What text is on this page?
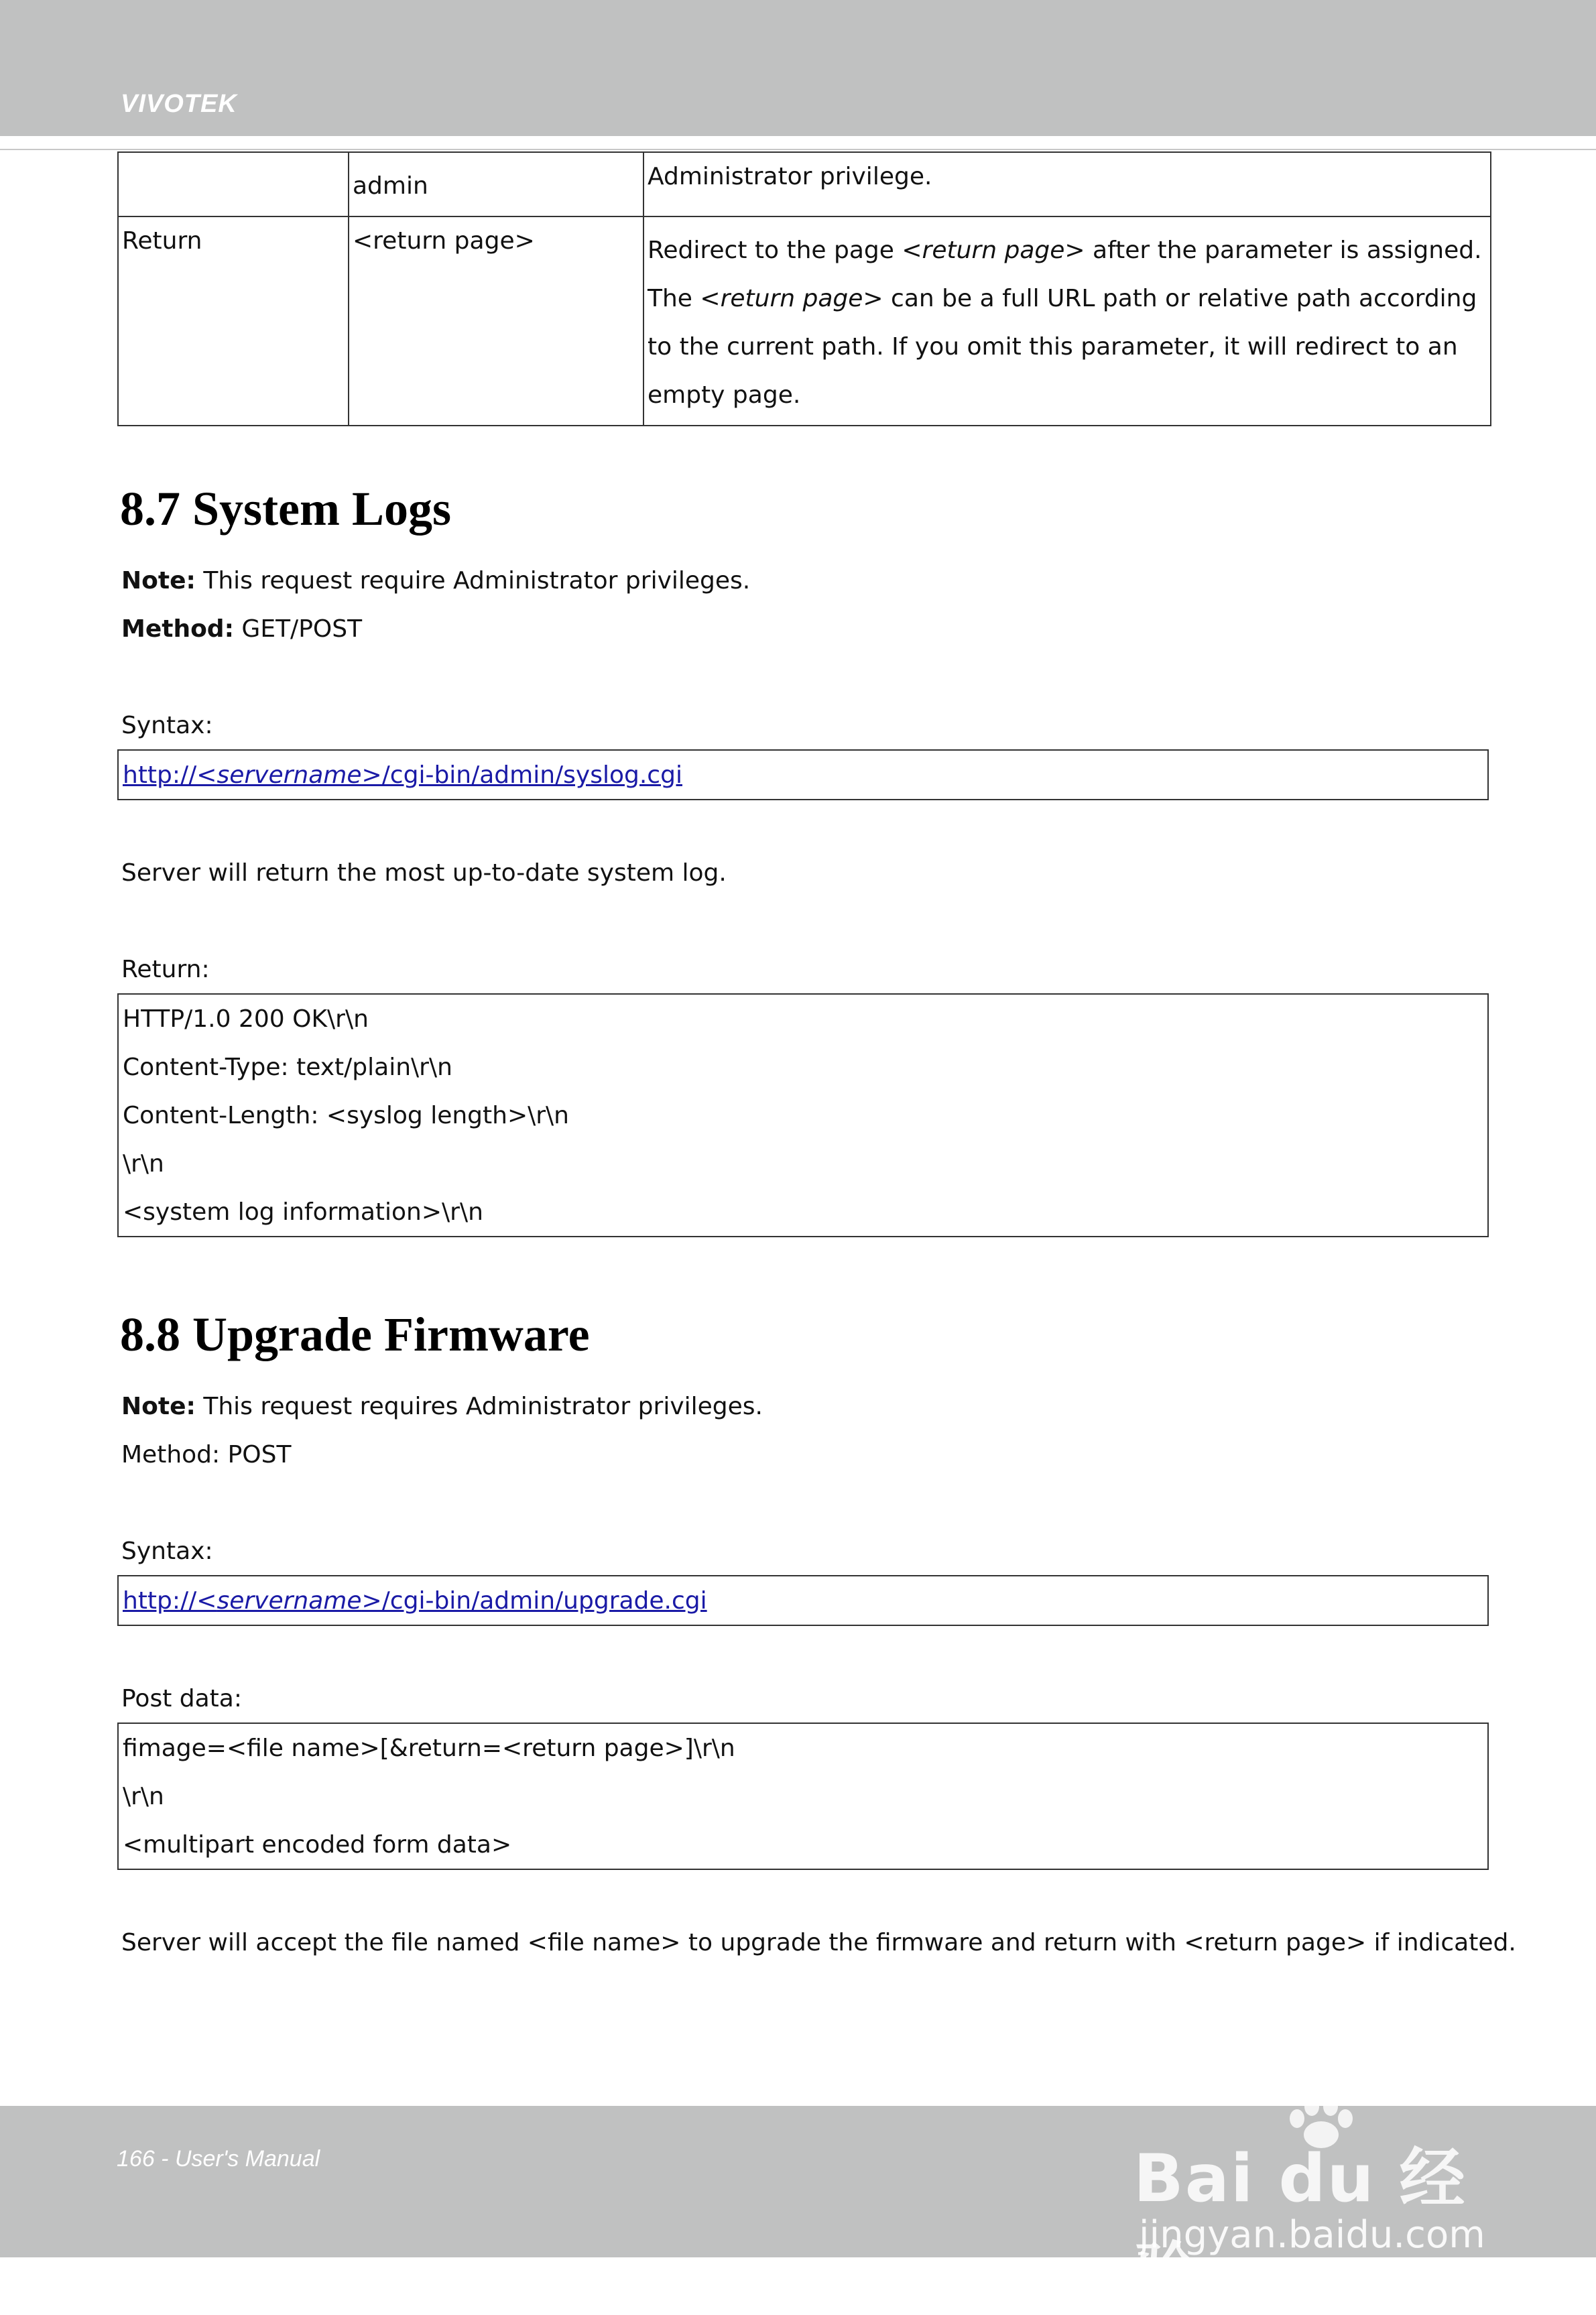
VIVOTEK
	admin	Administrator privilege.
Return	<return page>	Redirect to the page <return page> after the parameter is assigned. The <return page> can be a full URL path or relative path according to the current path. If you omit this parameter, it will redirect to an empty page.
8.7 System Logs
Note: This request require Administrator privileges.
Method: GET/POST
Syntax:
http://<servername>/cgi-bin/admin/syslog.cgi
Server will return the most up-to-date system log.
Return:
HTTP/1.0 200 OK\r\n
Content-Type: text/plain\r\n
Content-Length: <syslog length>\r\n
\r\n
<system log information>\r\n
8.8 Upgrade Firmware
Note: This request requires Administrator privileges.
Method: POST
Syntax:
http://<servername>/cgi-bin/admin/upgrade.cgi
Post data:
fimage=<file name>[&return=<return page>]\r\n
\r\n
<multipart encoded form data>
Server will accept the file named <file name> to upgrade the firmware and return with <return page> if indicated.
166 - User's Manual	Bai du 经验
jingyan.baidu.com
